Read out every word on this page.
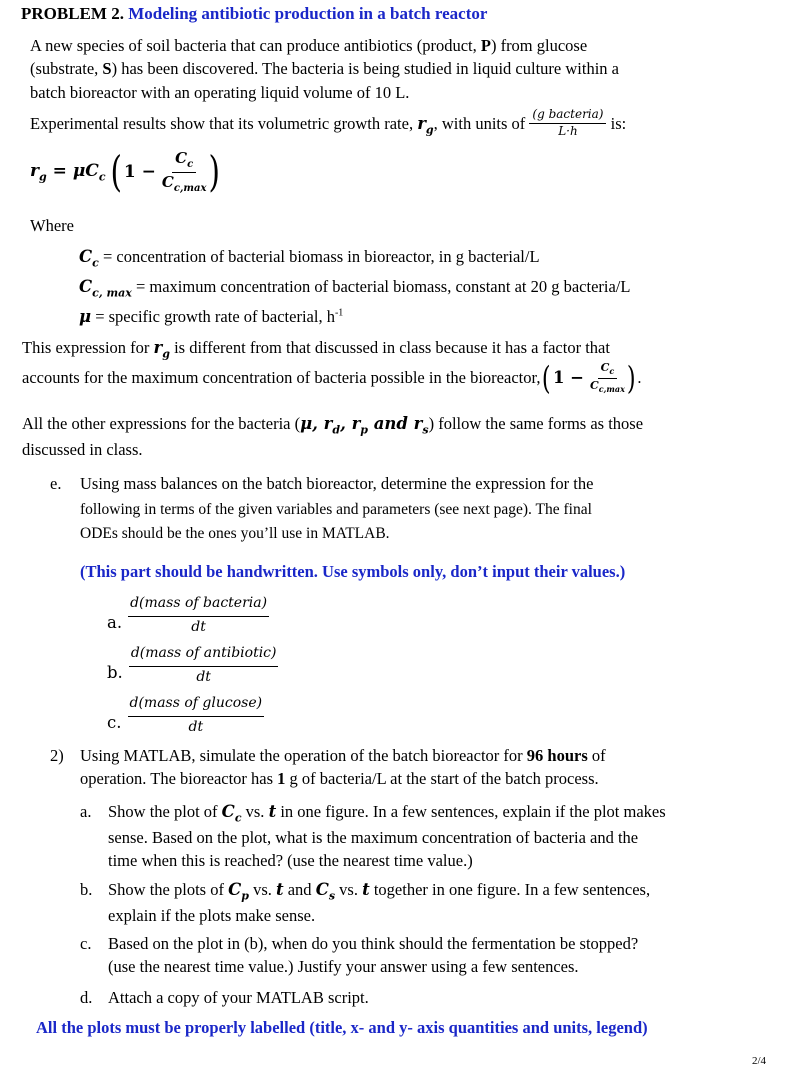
PROBLEM 2. Modeling antibiotic production in a batch reactor
A new species of soil bacteria that can produce antibiotics (product, P) from glucose
(substrate, S) has been discovered. The bacteria is being studied in liquid culture within a
batch bioreactor with an operating liquid volume of 10 L.
Experimental results show that its volumetric growth rate, $r_g$, with units of $\frac{\text{(g bacteria)}}{L\cdot h}$ is:
$r_g = \mu C_c$ ( $1 - \frac{C_c}{C_{c,max}}$ )
Where
$C_c$ = concentration of bacterial biomass in bioreactor, in g bacterial/L
$C_{c, max}$ = maximum concentration of bacterial biomass, constant at 20 g bacteria/L
μ = specific growth rate of bacterial, $h^{-1}$
This expression for $r_g$ is different from that discussed in class because it has a factor that
accounts for the maximum concentration of bacteria possible in the bioreactor, ( $1 - \frac{C_c}{C_{c,max}}$ ) .
All the other expressions for the bacteria (μ, $r_d$, $r_p$ and $r_s$) follow the same forms as those
discussed in class.
e. Using mass balances on the batch bioreactor, determine the expression for the
following in terms of the given variables and parameters (see next page). The final
ODEs should be the ones you’ll use in MATLAB.
(This part should be handwritten. Use symbols only, don’t input their values.)
a. $\frac{\text{d(mass of bacteria)}}{dt}$
b. $\frac{\text{d(mass of antibiotic)}}{dt}$
c. $\frac{\text{d(mass of glucose)}}{dt}$
2) Using MATLAB, simulate the operation of the batch bioreactor for 96 hours of
operation. The bioreactor has 1 g of bacteria/L at the start of the batch process.
a. Show the plot of $C_c$ vs. t in one figure. In a few sentences, explain if the plot makes
sense. Based on the plot, what is the maximum concentration of bacteria and the
time when this is reached? (use the nearest time value.)
b. Show the plots of $C_p$ vs. t and $C_s$ vs. t together in one figure. In a few sentences,
explain if the plots make sense.
c. Based on the plot in (b), when do you think should the fermentation be stopped?
(use the nearest time value.) Justify your answer using a few sentences.
d. Attach a copy of your MATLAB script.
All the plots must be properly labelled (title, x- and y- axis quantities and units, legend)
2/4
